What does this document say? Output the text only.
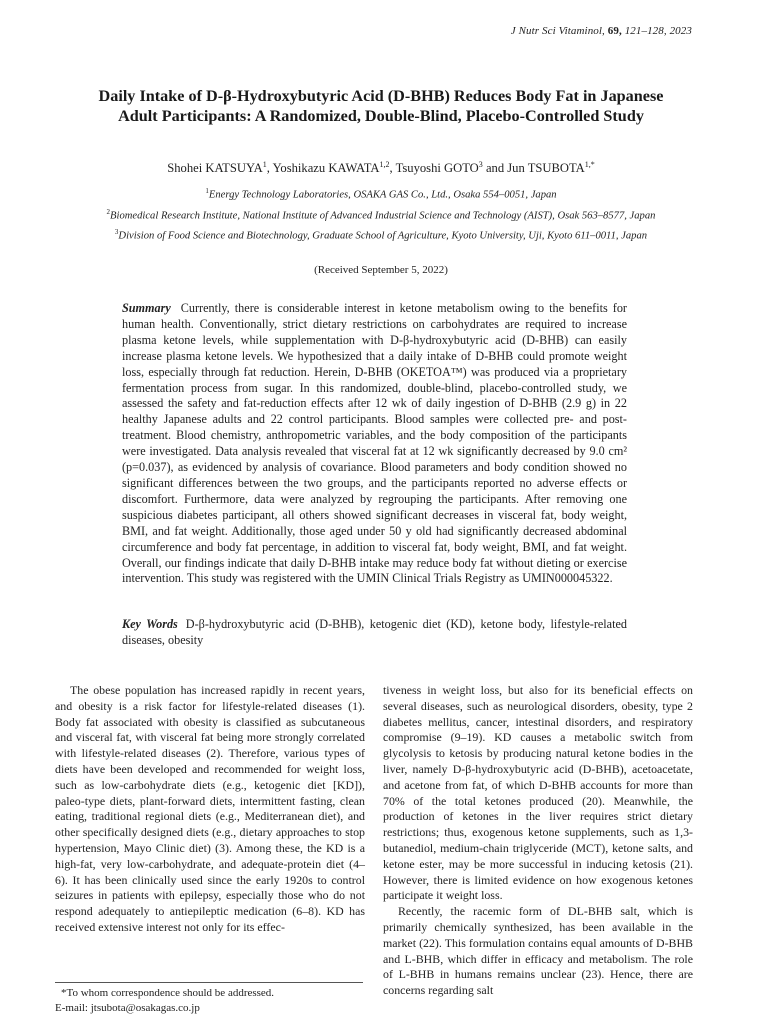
J Nutr Sci Vitaminol, 69, 121–128, 2023
Daily Intake of D-β-Hydroxybutyric Acid (D-BHB) Reduces Body Fat in Japanese Adult Participants: A Randomized, Double-Blind, Placebo-Controlled Study
Shohei KATSUYA$^1$, Yoshikazu KAWATA$^{1,2}$, Tsuyoshi GOTO$^3$ and Jun $TSUBOTA^{1,*}$
$^1$Energy Technology Laboratories, OSAKA GAS Co., Ltd., Osaka 554–0051, Japan
$^2$Biomedical Research Institute, National Institute of Advanced Industrial Science and Technology (AIST), Osak 563–8577, Japan
$^3$Division of Food Science and Biotechnology, Graduate School of Agriculture, Kyoto University, Uji, Kyoto 611–0011, Japan
(Received September 5, 2022)
Summary Currently, there is considerable interest in ketone metabolism owing to the benefits for human health. Conventionally, strict dietary restrictions on carbohydrates are required to increase plasma ketone levels, while supplementation with D-β-hydroxybutyric acid (D-BHB) can easily increase plasma ketone levels. We hypothesized that a daily intake of D-BHB could promote weight loss, especially through fat reduction. Herein, D-BHB (OKETOA™) was produced via a proprietary fermentation process from sugar. In this randomized, double-blind, placebo-controlled study, we assessed the safety and fat-reduction effects after 12 wk of daily ingestion of D-BHB (2.9 g) in 22 healthy Japanese adults and 22 control participants. Blood samples were collected pre- and post-treatment. Blood chemistry, anthropometric variables, and the body composition of the participants were investigated. Data analysis revealed that visceral fat at 12 wk significantly decreased by 9.0 cm² (p=0.037), as evidenced by analysis of covariance. Blood parameters and body condition showed no significant differences between the two groups, and the participants reported no adverse effects or discomfort. Furthermore, data were analyzed by regrouping the participants. After removing one suspicious diabetes participant, all others showed significant decreases in visceral fat, body weight, BMI, and fat weight. Additionally, those aged under 50 y old had significantly decreased abdominal circumference and body fat percentage, in addition to visceral fat, body weight, BMI, and fat weight. Overall, our findings indicate that daily D-BHB intake may reduce body fat without dieting or exercise intervention. This study was registered with the UMIN Clinical Trials Registry as UMIN000045322.
Key Words D-β-hydroxybutyric acid (D-BHB), ketogenic diet (KD), ketone body, lifestyle-related diseases, obesity

The obese population has increased rapidly in recent years, and obesity is a risk factor for lifestyle-related diseases (1). Body fat associated with obesity is classified as subcutaneous and visceral fat, with visceral fat being more strongly correlated with lifestyle-related diseases (2). Therefore, various types of diets have been developed and recommended for weight loss, such as low-carbohydrate diets (e.g., ketogenic diet [KD]), paleo-type diets, plant-forward diets, intermittent fasting, clean eating, traditional regional diets (e.g., Mediterranean diet), and other specifically designed diets (e.g., dietary approaches to stop hypertension, Mayo Clinic diet) (3). Among these, the KD is a high-fat, very low-carbohydrate, and adequate-protein diet (4–6). It has been clinically used since the early 1920s to control seizures in patients with epilepsy, especially those who do not respond adequately to antiepileptic medication (6–8). KD has received extensive interest not only for its effec-

tiveness in weight loss, but also for its beneficial effects on several diseases, such as neurological disorders, obesity, type 2 diabetes mellitus, cancer, intestinal disorders, and respiratory compromise (9–19). KD causes a metabolic switch from glycolysis to ketosis by producing natural ketone bodies in the liver, namely D-β-hydroxybutyric acid (D-BHB), acetoacetate, and acetone from fat, of which D-BHB accounts for more than 70% of the total ketones produced (20). Meanwhile, the production of ketones in the liver requires strict dietary restrictions; thus, exogenous ketone supplements, such as 1,3-butanediol, medium-chain triglyceride (MCT), ketone salts, and ketone ester, may be more successful in inducing ketosis (21). However, there is limited evidence on how exogenous ketones participate it weight loss.

Recently, the racemic form of DL-BHB salt, which is primarily chemically synthesized, has been available in the market (22). This formulation contains equal amounts of D-BHB and L-BHB, which differ in efficacy and metabolism. The role of L-BHB in humans remains unclear (23). Hence, there are concerns regarding salt

*To whom correspondence should be addressed.
E-mail: jtsubota@osakagas.co.jp
